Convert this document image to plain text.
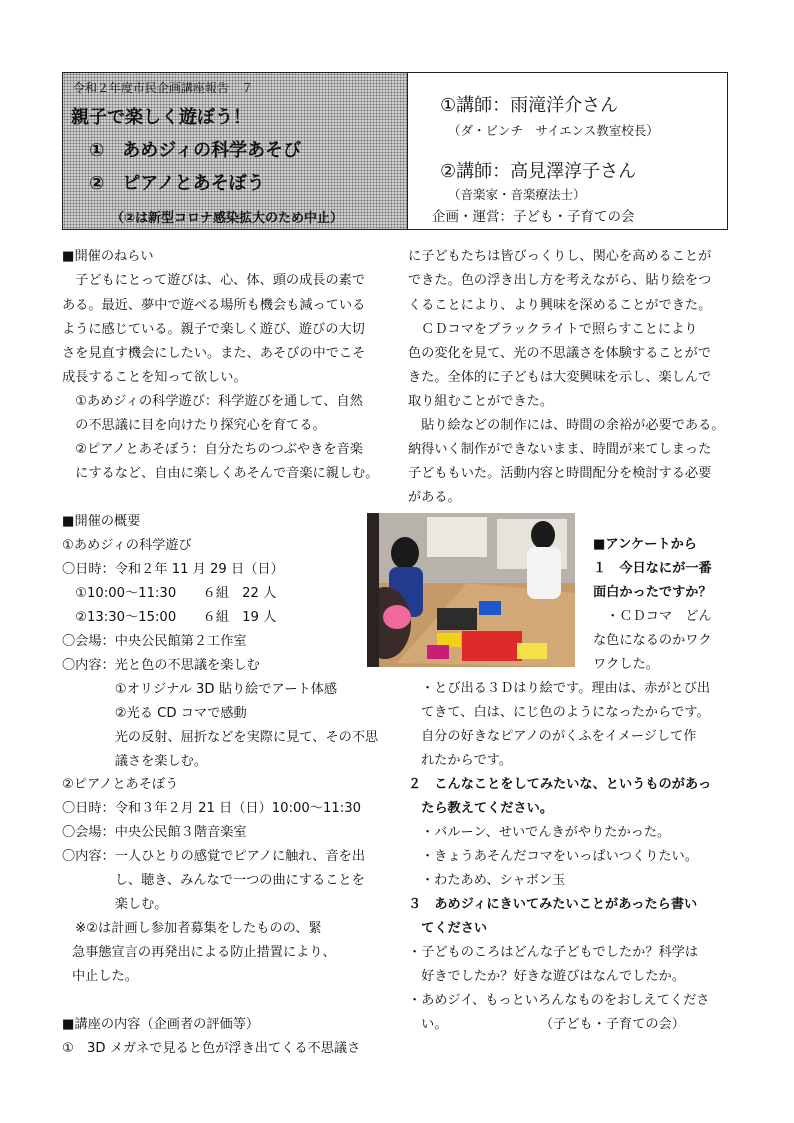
令和２年度市民企画講座報告　７
親子で楽しく遊ぼう！
①　あめジィの科学あそび
②　ピアノとあそぼう
（②は新型コロナ感染拡大のため中止）
①講師：雨滝洋介さん
（ダ・ビンチ　サイエンス教室校長）
②講師：高見澤淳子さん
（音楽家・音楽療法士）
企画・運営：子ども・子育ての会
■開催のねらい
　子どもにとって遊びは、心、体、頭の成長の素で
ある。最近、夢中で遊べる場所も機会も減っている
ように感じている。親子で楽しく遊び、遊びの大切
さを見直す機会にしたい。また、あそびの中でこそ
成長することを知って欲しい。
　①あめジィの科学遊び：科学遊びを通して、自然
　の不思議に目を向けたり探究心を育てる。
　②ピアノとあそぼう：自分たちのつぶやきを音楽
　にするなど、自由に楽しくあそんで音楽に親しむ。
■開催の概要
①あめジィの科学遊び
〇日時：令和２年 11 月 29 日（日）
　①10:00～11:30　　６組　22 人
　②13:30～15:00　　６組　19 人
〇会場：中央公民館第２工作室
〇内容：光と色の不思議を楽しむ
　　　　①オリジナル 3D 貼り絵でアート体感
　　　　②光る CD コマで感動
　　　　光の反射、屈折などを実際に見て、その不思
　　　　議さを楽しむ。
②ピアノとあそぼう
〇日時：令和３年２月 21 日（日）10:00～11:30
〇会場：中央公民館３階音楽室
〇内容：一人ひとりの感覚でピアノに触れ、音を出
　　　　し、聴き、みんなで一つの曲にすることを
　　　　楽しむ。
　※②は計画し参加者募集をしたものの、緊
急事態宣言の再発出による防止措置により、
中止した。
■講座の内容（企画者の評価等）
①　3D メガネで見ると色が浮き出てくる不思議さ
に子どもたちは皆びっくりし、関心を高めることが
できた。色の浮き出し方を考えながら、貼り絵をつ
くることにより、より興味を深めることができた。
　ＣＤコマをブラックライトで照らすことにより
色の変化を見て、光の不思議さを体験することがで
きた。全体的に子どもは大変興味を示し、楽しんで
取り組むことができた。
　貼り絵などの制作には、時間の余裕が必要である。
納得いく制作ができないまま、時間が来てしまった
子どももいた。活動内容と時間配分を検討する必要
がある。
■アンケートから
１　今日なにが一番
面白かったですか？
　・ＣＤコマ　どん
な色になるのかワク
ワクした。
・とび出る３Ｄはり絵です。理由は、赤がとび出
てきて、白は、にじ色のようになったからです。
自分の好きなピアノのがくふをイメージして作
れたからです。
２　こんなことをしてみたいな、というものがあっ
　たら教えてください。
・バルーン、せいでんきがやりたかった。
・きょうあそんだコマをいっぱいつくりたい。
・わたあめ、シャボン玉
３　あめジィにきいてみたいことがあったら書い
　てください
・子どものころはどんな子どもでしたか？科学は
　好きでしたか？好きな遊びはなんでしたか。
・あめジイ、もっといろんなものをおしえてくださ
　い。　　　　　　　　（子ども・子育ての会）
